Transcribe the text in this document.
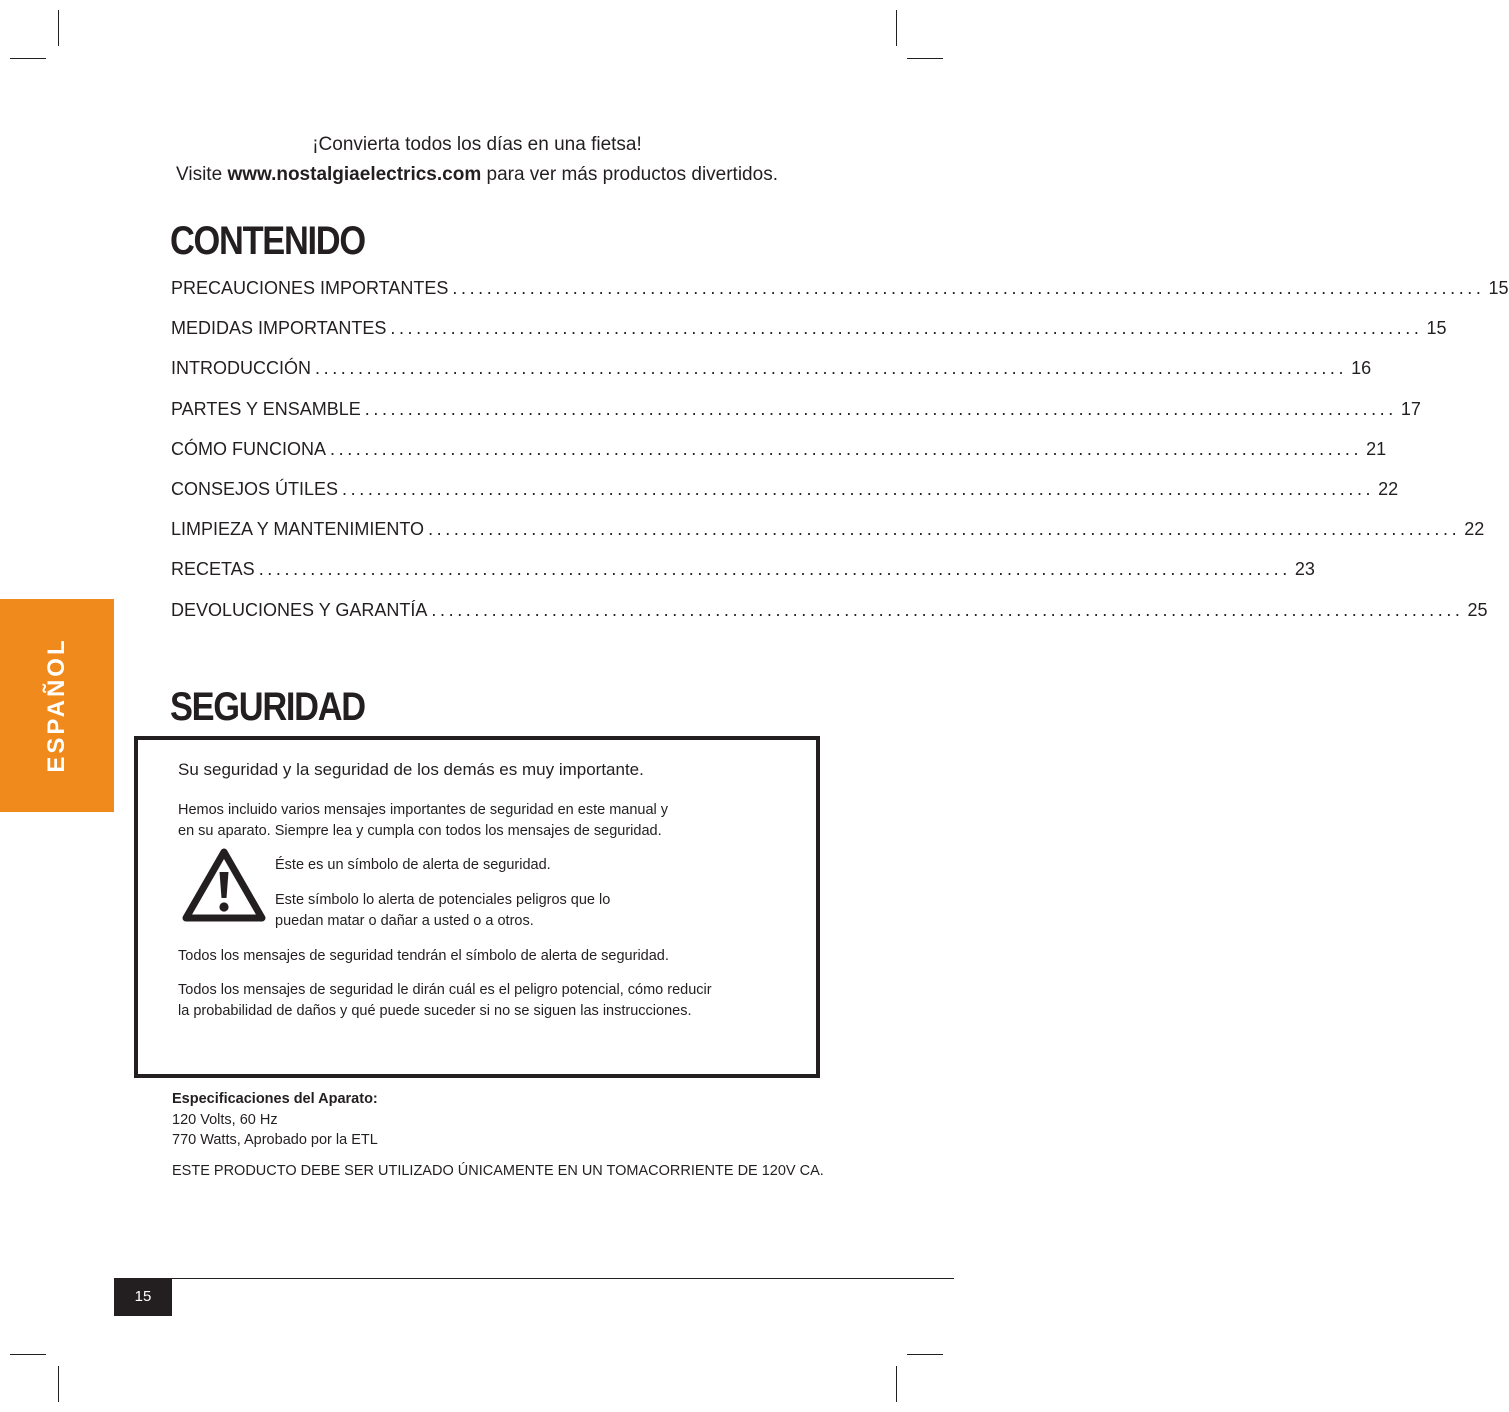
¡Convierta todos los días en una fietsa!
Visite www.nostalgiaelectrics.com para ver más productos divertidos.
CONTENIDO
PRECAUCIONES IMPORTANTES ........................................................................................................................ 15
MEDIDAS IMPORTANTES ........................................................................................................................ 15
INTRODUCCIÓN ........................................................................................................................ 16
PARTES Y ENSAMBLE ........................................................................................................................ 17
CÓMO FUNCIONA ........................................................................................................................ 21
CONSEJOS ÚTILES ........................................................................................................................ 22
LIMPIEZA Y MANTENIMIENTO ........................................................................................................................ 22
RECETAS ........................................................................................................................ 23
DEVOLUCIONES Y GARANTÍA ........................................................................................................................ 25
ESPAÑOL	SEGURIDAD
Su seguridad y la seguridad de los demás es muy importante.
Hemos incluido varios mensajes importantes de seguridad en este manual y
en su aparato. Siempre lea y cumpla con todos los mensajes de seguridad.
Éste es un símbolo de alerta de seguridad.
Este símbolo lo alerta de potenciales peligros que lo
puedan matar o dañar a usted o a otros.
Todos los mensajes de seguridad tendrán el símbolo de alerta de seguridad.
Todos los mensajes de seguridad le dirán cuál es el peligro potencial, cómo reducir
la probabilidad de daños y qué puede suceder si no se siguen las instrucciones.
Especificaciones del Aparato:
120 Volts, 60 Hz
770 Watts, Aprobado por la ETL
ESTE PRODUCTO DEBE SER UTILIZADO ÚNICAMENTE EN UN TOMACORRIENTE DE 120V CA.
15
